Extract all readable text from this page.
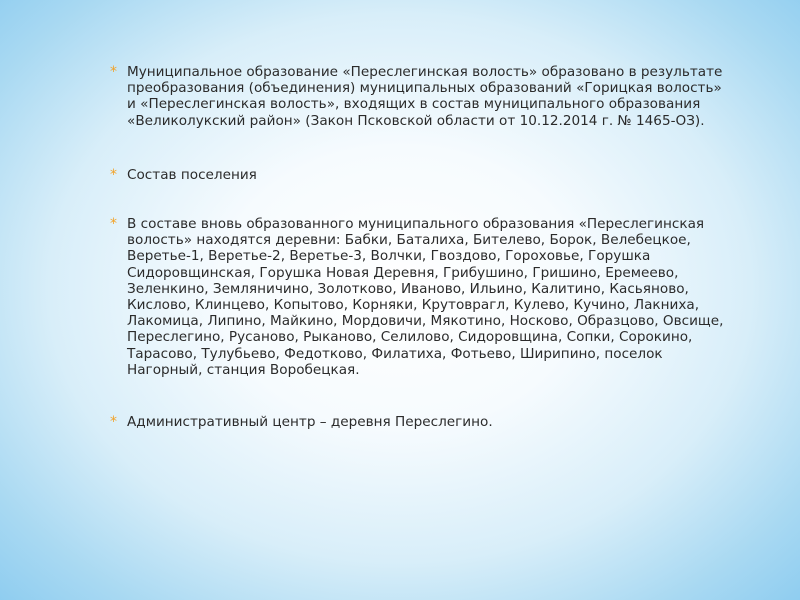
* Муниципальное образование «Переслегинская волость» образовано в результате преобразования (объединения) муниципальных образований «Горицкая волость» и «Переслегинская волость», входящих в состав муниципального образования «Великолукский район» (Закон Псковской области от 10.12.2014 г. № 1465-ОЗ).
* Состав поселения
* В составе вновь образованного муниципального образования «Переслегинская волость» находятся деревни: Бабки, Баталиха, Бителево, Борок, Велебецкое, Веретье-1, Веретье-2, Веретье-3, Волчки, Гвоздово, Гороховье, Горушка Сидоровщинская, Горушка Новая Деревня, Грибушино, Гришино, Еремеево, Зеленкино, Земляничино, Золотково, Иваново, Ильино, Калитино, Касьяново, Кислово, Клинцево, Копытово, Корняки, Крутоврагл, Кулево, Кучино, Лакниха, Лакомица, Липино, Майкино, Мордовичи, Мякотино, Носково, Образцово, Овсище, Переслегино, Русаново, Рыканово, Селилово, Сидоровщина, Сопки, Сорокино, Тарасово, Тулубьево, Федотково, Филатиха, Фотьево, Ширипино, поселок Нагорный, станция Воробецкая.
* Административный центр – деревня Переслегино.
